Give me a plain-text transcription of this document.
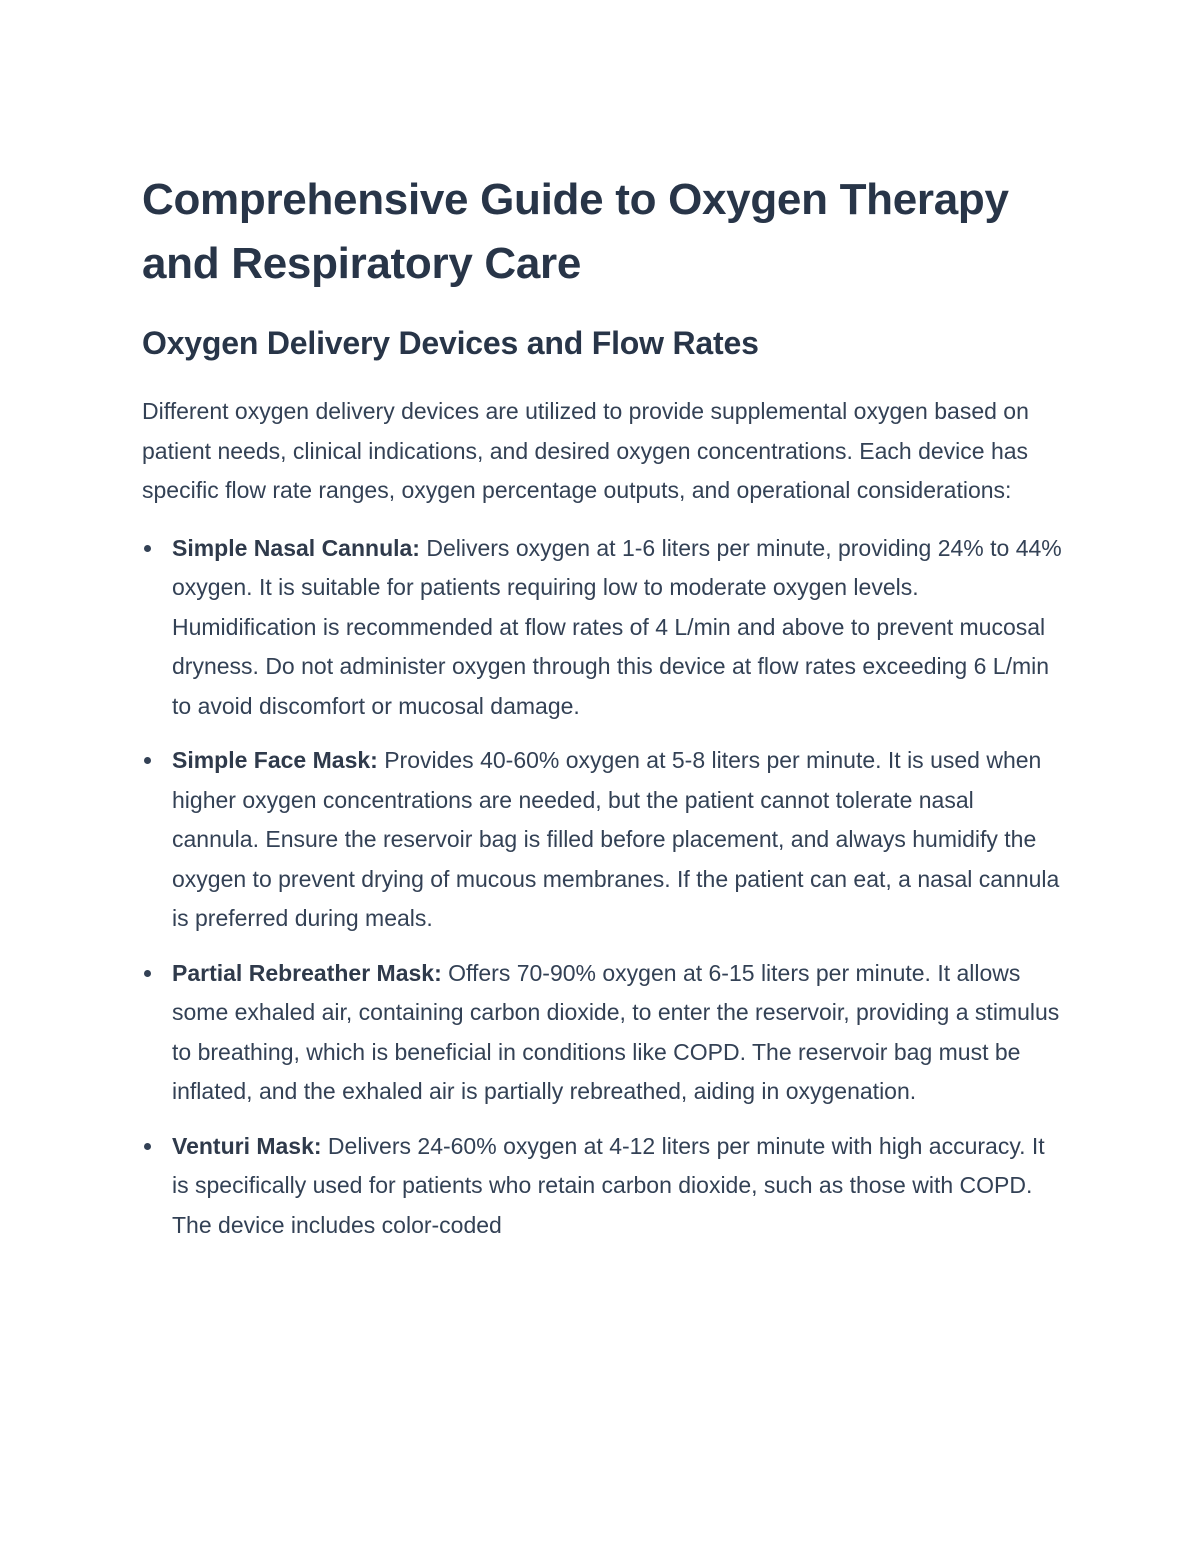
Comprehensive Guide to Oxygen Therapy and Respiratory Care
Oxygen Delivery Devices and Flow Rates

Different oxygen delivery devices are utilized to provide supplemental oxygen based on patient needs, clinical indications, and desired oxygen concentrations. Each device has specific flow rate ranges, oxygen percentage outputs, and operational considerations:

Simple Nasal Cannula: Delivers oxygen at 1-6 liters per minute, providing 24% to 44% oxygen. It is suitable for patients requiring low to moderate oxygen levels. Humidification is recommended at flow rates of 4 L/min and above to prevent mucosal dryness. Do not administer oxygen through this device at flow rates exceeding 6 L/min to avoid discomfort or mucosal damage.
Simple Face Mask: Provides 40-60% oxygen at 5-8 liters per minute. It is used when higher oxygen concentrations are needed, but the patient cannot tolerate nasal cannula. Ensure the reservoir bag is filled before placement, and always humidify the oxygen to prevent drying of mucous membranes. If the patient can eat, a nasal cannula is preferred during meals.
Partial Rebreather Mask: Offers 70-90% oxygen at 6-15 liters per minute. It allows some exhaled air, containing carbon dioxide, to enter the reservoir, providing a stimulus to breathing, which is beneficial in conditions like COPD. The reservoir bag must be inflated, and the exhaled air is partially rebreathed, aiding in oxygenation.
Venturi Mask: Delivers 24-60% oxygen at 4-12 liters per minute with high accuracy. It is specifically used for patients who retain carbon dioxide, such as those with COPD. The device includes color-coded
